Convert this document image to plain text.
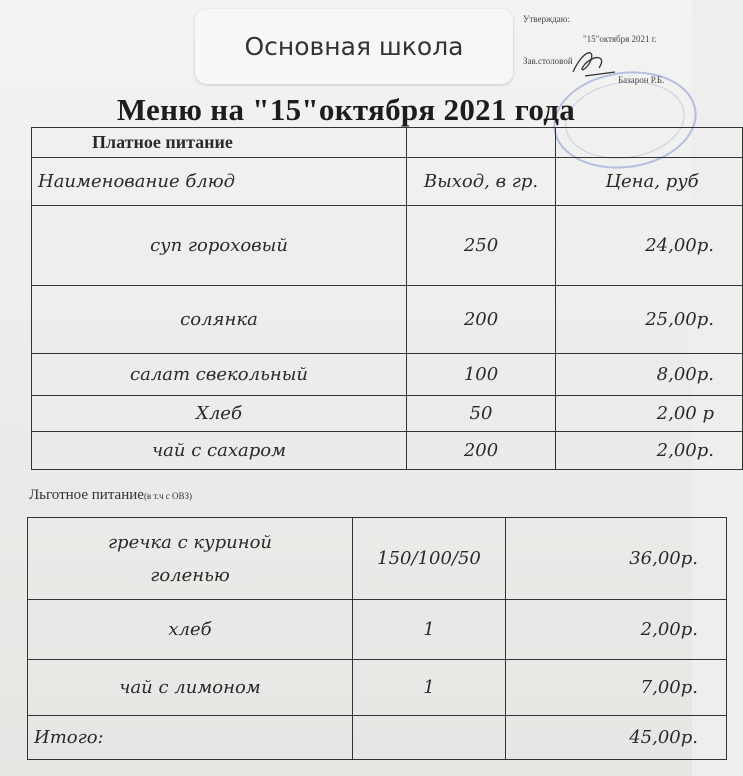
Утверждаю:
"15"октября 2021 г.
Зав.столовой
Базарон Р.Б.
Основная школа
Меню на "15"октября 2021 года
Платное питание		
Наименование блюд	Выход, в гр.	Цена, руб
суп гороховый	250	24,00р.
солянка	200	25,00р.
салат свекольный	100	8,00р.
Хлеб	50	2,00 р
чай с сахаром	200	2,00р.
Льготное питание(в т.ч с ОВЗ)
гречка с куриной
голенью	150/100/50	36,00р.
хлеб	1	2,00р.
чай с лимоном	1	7,00р.
Итого:		45,00р.
